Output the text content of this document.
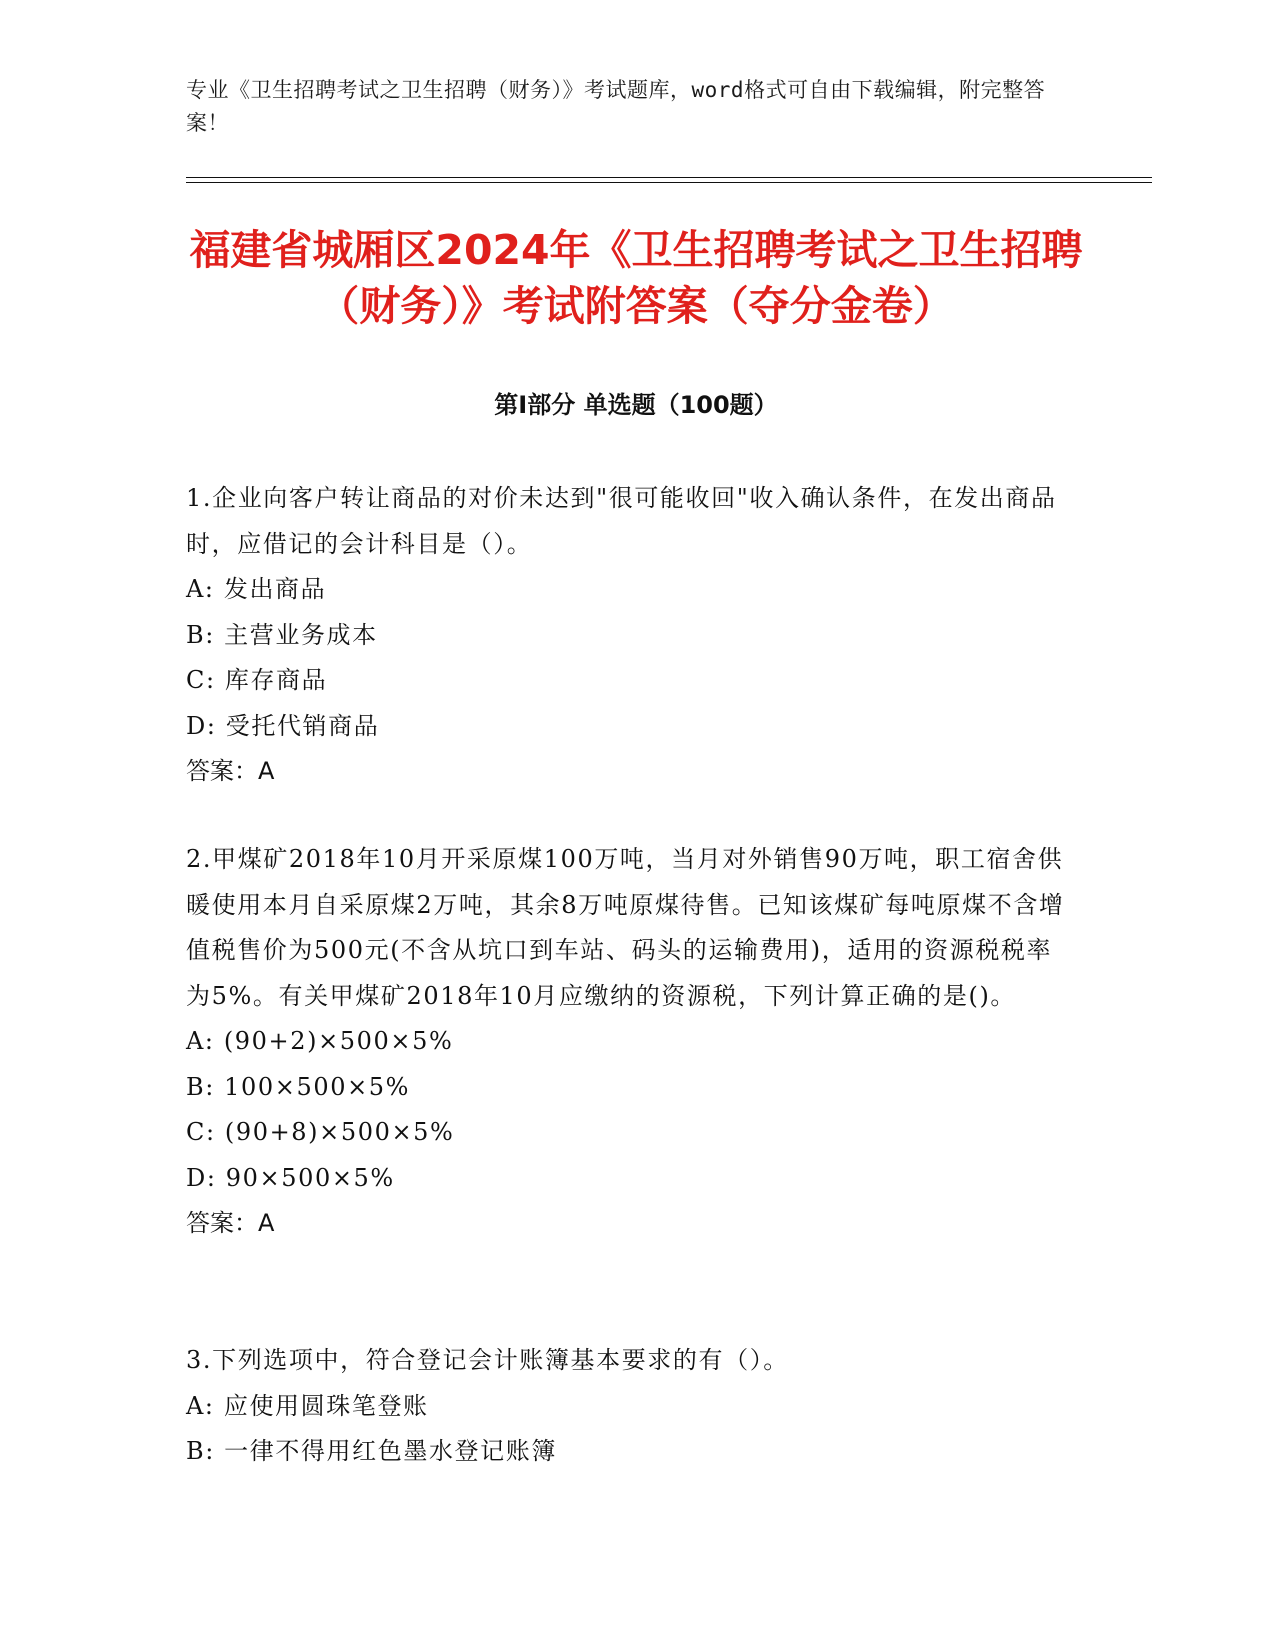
专业《卫生招聘考试之卫生招聘（财务）》考试题库，word格式可自由下载编辑，附完整答案！
福建省城厢区2024年《卫生招聘考试之卫生招聘（财务）》考试附答案（夺分金卷）
第Ⅰ部分 单选题（100题）

1.企业向客户转让商品的对价未达到"很可能收回"收入确认条件，在发出商品时，应借记的会计科目是（）。

A: 发出商品

B: 主营业务成本

C: 库存商品

D: 受托代销商品

答案：A

2.甲煤矿2018年10月开采原煤100万吨，当月对外销售90万吨，职工宿舍供暖使用本月自采原煤2万吨，其余8万吨原煤待售。已知该煤矿每吨原煤不含增值税售价为500元(不含从坑口到车站、码头的运输费用)，适用的资源税税率为5%。有关甲煤矿2018年10月应缴纳的资源税，下列计算正确的是()。

A: (90+2)×500×5%

B: 100×500×5%

C: (90+8)×500×5%

D: 90×500×5%

答案：A

3.下列选项中，符合登记会计账簿基本要求的有（）。

A: 应使用圆珠笔登账

B: 一律不得用红色墨水登记账簿
